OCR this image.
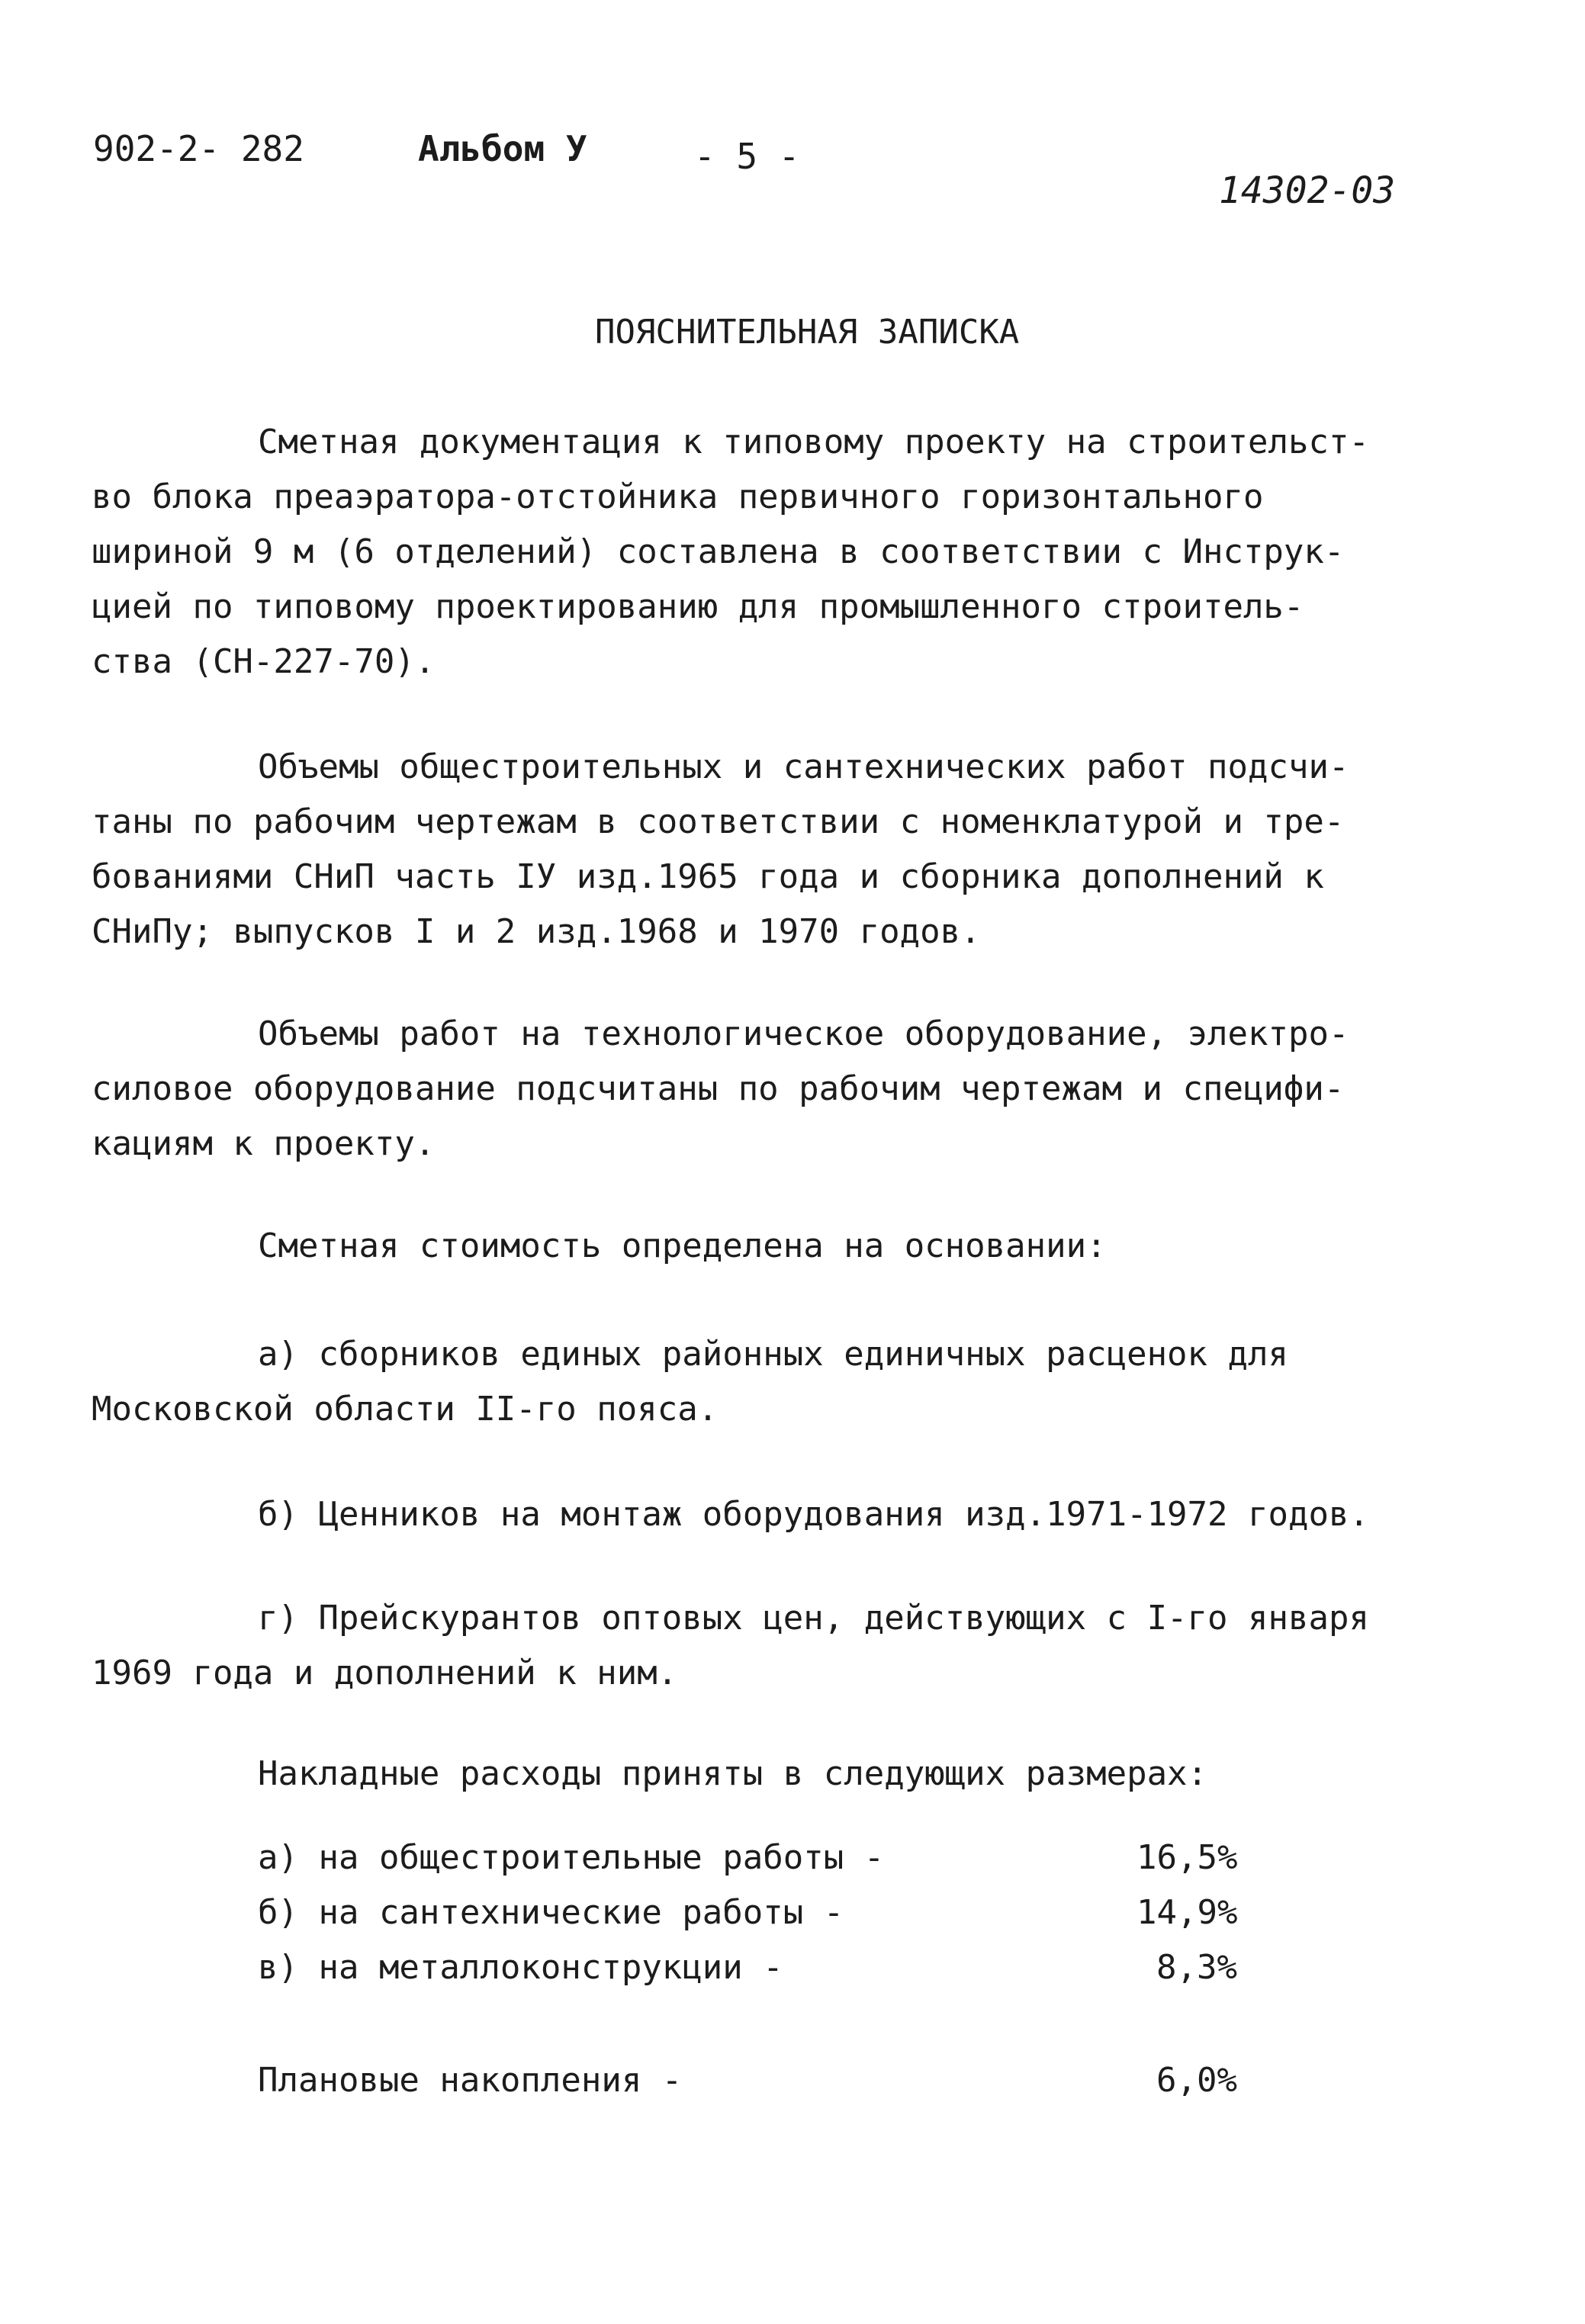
902-2- 282	Альбом У	- 5 -
14302-03
ПОЯСНИТЕЛЬНАЯ ЗАПИСКА
Сметная документация к типовому проекту на строительст-
во блока преаэратора-отстойника первичного горизонтального
шириной 9 м (6 отделений) составлена в соответствии с Инструк-
цией по типовому проектированию для промышленного строитель-
ства (СН-227-70).
Объемы общестроительных и сантехнических работ подсчи-
таны по рабочим чертежам в соответствии с номенклатурой и тре-
бованиями СНиП часть IУ изд.1965 года и сборника дополнений к
СНиПу; выпусков I и 2 изд.1968 и 1970 годов.
Объемы работ на технологическое оборудование, электро-
силовое оборудование подсчитаны по рабочим чертежам и специфи-
кациям к проекту.
Сметная стоимость определена на основании:
а) сборников единых районных единичных расценок для
Московской области II-го пояса.
б) Ценников на монтаж оборудования изд.1971-1972 годов.
г) Прейскурантов оптовых цен, действующих с I-го января
1969 года и дополнений к ним.
Накладные расходы приняты в следующих размерах:
а) на общестроительные работы -	16,5%
б) на сантехнические работы -	14,9%
в) на металлоконструкции -	8,3%
Плановые накопления -	6,0%
